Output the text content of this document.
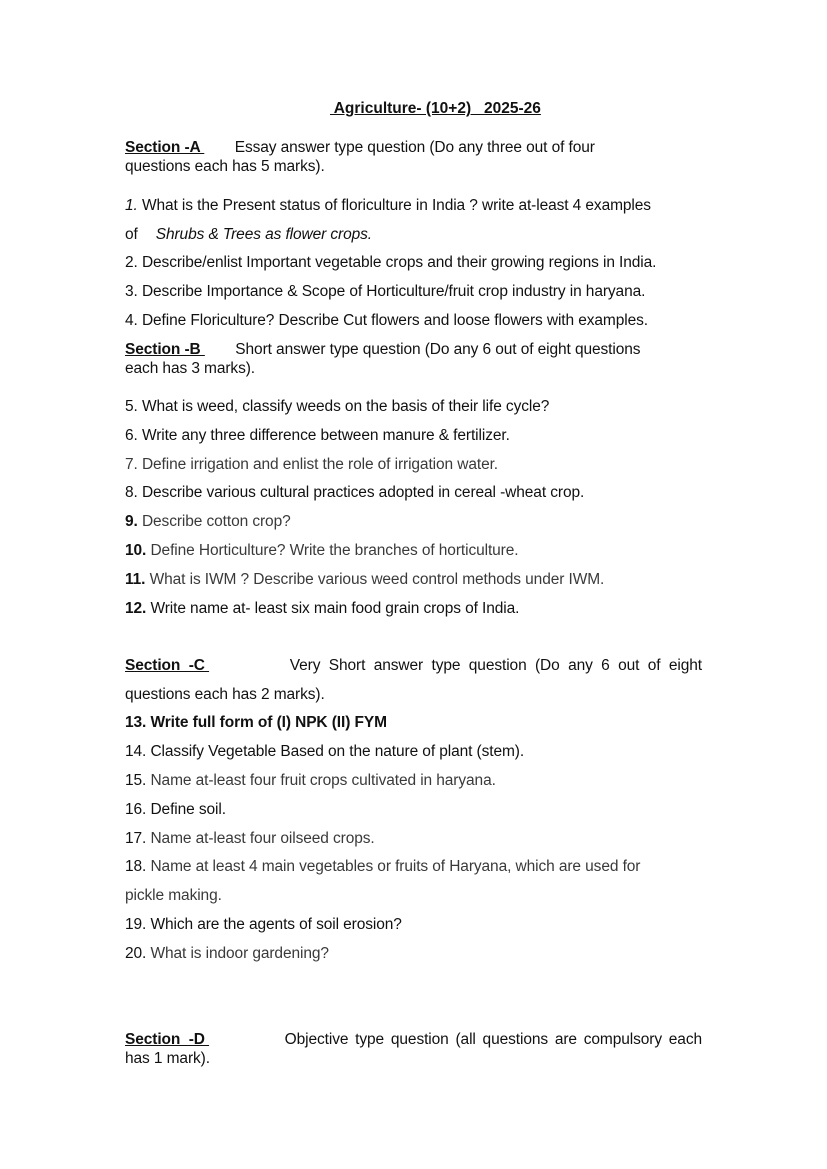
Agriculture- (10+2)   2025-26
Section -A   Essay answer type question (Do any three out of four
questions each has 5 marks).
1. What is the Present status of floriculture in India ? write at-least 4 examples
of Shrubs & Trees as flower crops.
2. Describe/enlist Important vegetable crops and their growing regions in India.
3. Describe Importance & Scope of Horticulture/fruit crop industry in haryana.
4. Define Floriculture? Describe Cut flowers and loose flowers with examples.
Section -B   Short answer type question (Do any 6 out of eight questions
each has 3 marks).
5. What is weed, classify weeds on the basis of their life cycle?
6. Write any three difference between manure & fertilizer.
7. Define irrigation and enlist the role of irrigation water.
8. Describe various cultural practices adopted in cereal -wheat crop.
9. Describe cotton crop?
10. Define Horticulture? Write the branches of horticulture.
11. What is IWM ? Describe various weed control methods under IWM.
12. Write name at- least six main food grain crops of India.
Section  -C	Very Short answer type question (Do any 6 out of eight
questions each has 2 marks).
13. Write full form of (I) NPK (II) FYM
14. Classify Vegetable Based on the nature of plant (stem).
15. Name at-least four fruit crops cultivated in haryana.
16. Define soil.
17. Name at-least four oilseed crops.
18. Name at least 4 main vegetables or fruits of Haryana, which are used for
pickle making.
19. Which are the agents of soil erosion?
20. What is indoor gardening?
Section  -D	Objective type question (all questions are compulsory each
has 1 mark).
